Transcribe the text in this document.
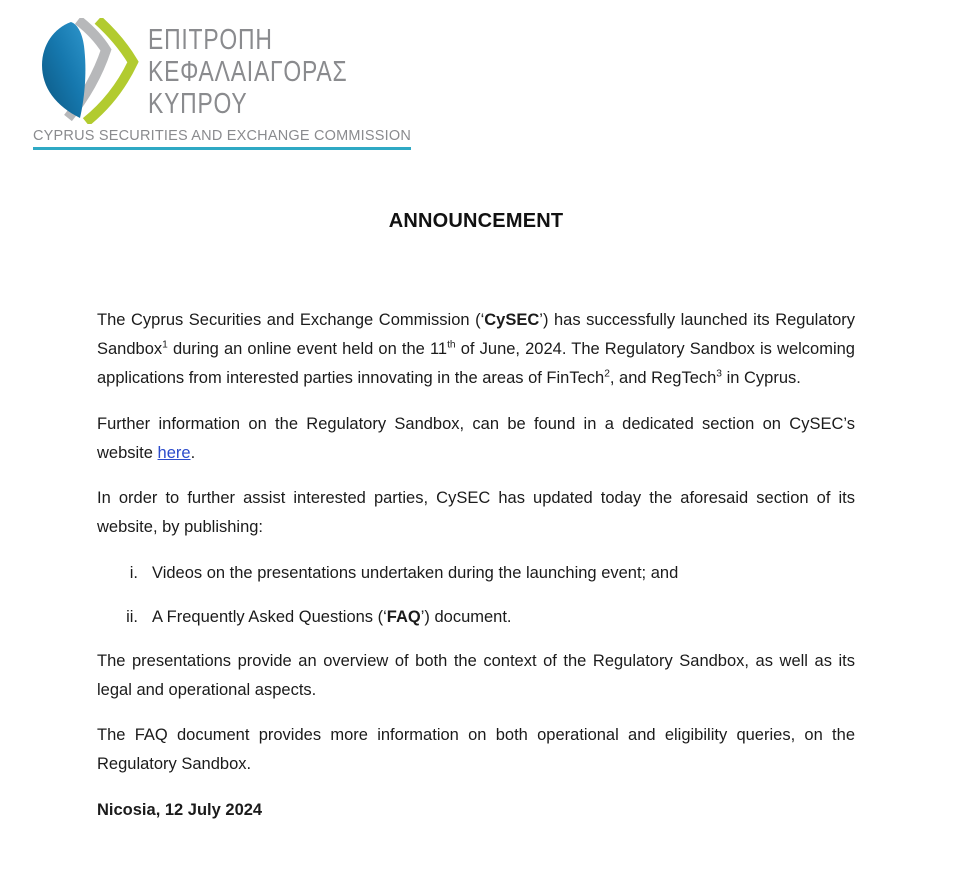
ΕΠΙΤΡΟΠΗ
ΚΕΦΑΛΑΙΑΓΟΡΑΣ
ΚΥΠΡΟΥ
CYPRUS SECURITIES AND EXCHANGE COMMISSION
ANNOUNCEMENT

The Cyprus Securities and Exchange Commission (‘CySEC’) has successfully launched its Regulatory Sandbox$^1$ during an online event held on the 11th of June, 2024. The Regulatory Sandbox is welcoming applications from interested parties innovating in the areas of FinTech$^2$, and RegTech$^3$ in Cyprus.

Further information on the Regulatory Sandbox, can be found in a dedicated section on CySEC’s website here.

In order to further assist interested parties, CySEC has updated today the aforesaid section of its website, by publishing:

i. Videos on the presentations undertaken during the launching event; and
ii. A Frequently Asked Questions (‘FAQ’) document.

The presentations provide an overview of both the context of the Regulatory Sandbox, as well as its legal and operational aspects.

The FAQ document provides more information on both operational and eligibility queries, on the Regulatory Sandbox.

Nicosia, 12 July 2024
